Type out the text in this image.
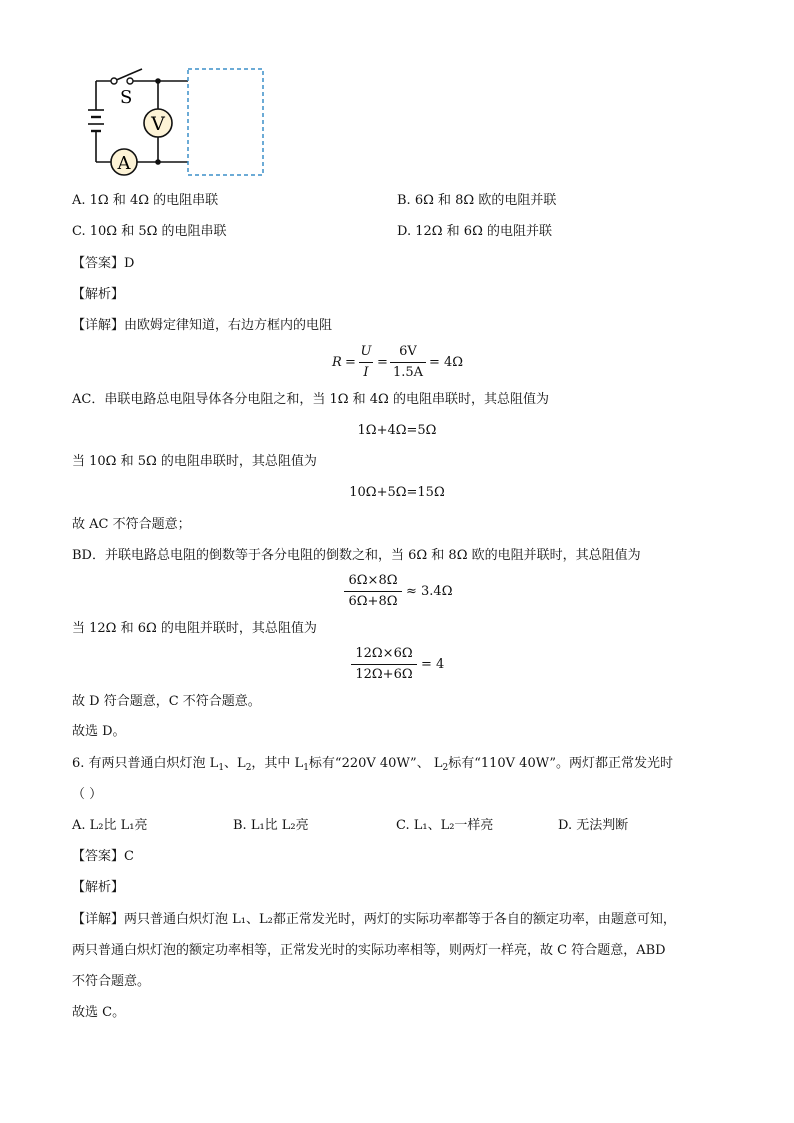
V
A
S
A. 1Ω 和 4Ω 的电阻串联	B. 6Ω 和 8Ω 欧的电阻并联
C. 10Ω 和 5Ω 的电阻串联	D. 12Ω 和 6Ω 的电阻并联
【答案】D
【解析】
【详解】由欧姆定律知道，右边方框内的电阻
R =
U
I
=
6V
1.5A
= 4Ω
AC．串联电路总电阻导体各分电阻之和，当 1Ω 和 4Ω 的电阻串联时，其总阻值为
1Ω+4Ω=5Ω
当 10Ω 和 5Ω 的电阻串联时，其总阻值为
10Ω+5Ω=15Ω
故 AC 不符合题意；
BD．并联电路总电阻的倒数等于各分电阻的倒数之和，当 6Ω 和 8Ω 欧的电阻并联时，其总阻值为
6Ω×8Ω
6Ω+8Ω
≈ 3.4Ω
当 12Ω 和 6Ω 的电阻并联时，其总阻值为
12Ω×6Ω
12Ω+6Ω
= 4
故 D 符合题意，C 不符合题意。
故选 D。
6. 有两只普通白炽灯泡 $L_1$、$L_2$，其中 $L_1$标有“220V 40W”、 $L_2$标有“110V 40W”。两灯都正常发光时
（ ）
A. L₂比 L₁亮	B. L₁比 L₂亮	C. L₁、L₂一样亮	D. 无法判断
【答案】C
【解析】
【详解】两只普通白炽灯泡 L₁、L₂都正常发光时，两灯的实际功率都等于各自的额定功率，由题意可知，
两只普通白炽灯泡的额定功率相等，正常发光时的实际功率相等，则两灯一样亮，故 C 符合题意，ABD
不符合题意。
故选 C。
